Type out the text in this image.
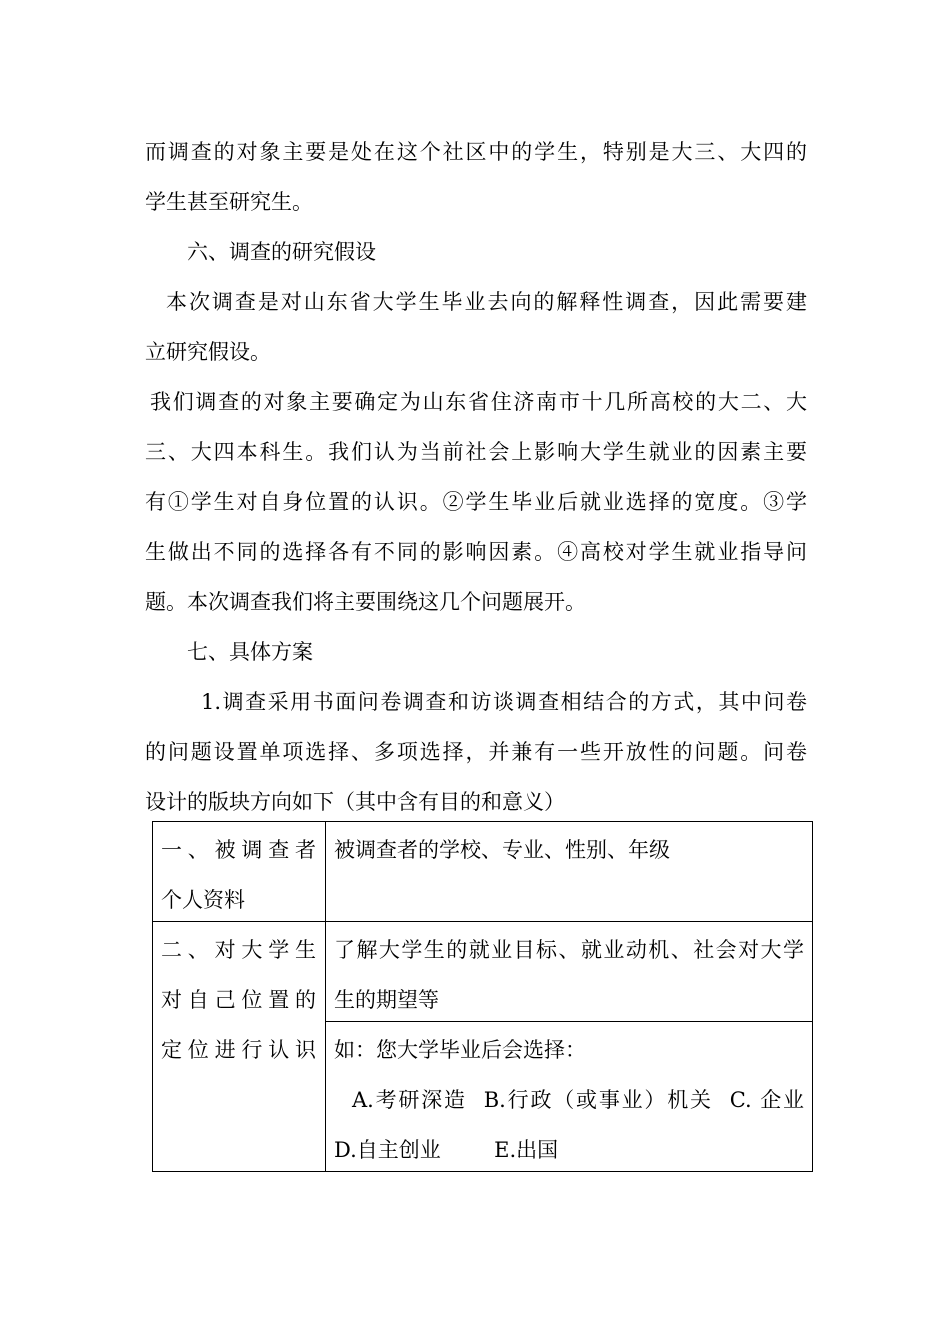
而调查的对象主要是处在这个社区中的学生，特别是大三、大四的
学生甚至研究生。
六、调查的研究假设
本次调查是对山东省大学生毕业去向的解释性调查，因此需要建
立研究假设。
我们调查的对象主要确定为山东省住济南市十几所高校的大二、大
三、大四本科生。我们认为当前社会上影响大学生就业的因素主要
有①学生对自身位置的认识。②学生毕业后就业选择的宽度。③学
生做出不同的选择各有不同的影响因素。④高校对学生就业指导问
题。本次调查我们将主要围绕这几个问题展开。
七、具体方案
1.调查采用书面问卷调查和访谈调查相结合的方式，其中问卷
的问题设置单项选择、多项选择，并兼有一些开放性的问题。问卷
设计的版块方向如下（其中含有目的和意义）
一、被调查者
个人资料
被调查者的学校、专业、性别、年级
二、对大学生
对自己位置的
定位进行认识
了解大学生的就业目标、就业动机、社会对大学
生的期望等
如：您大学毕业后会选择：
A.考研深造  B.行政（或事业）机关  C. 企业
D.自主创业        E.出国
